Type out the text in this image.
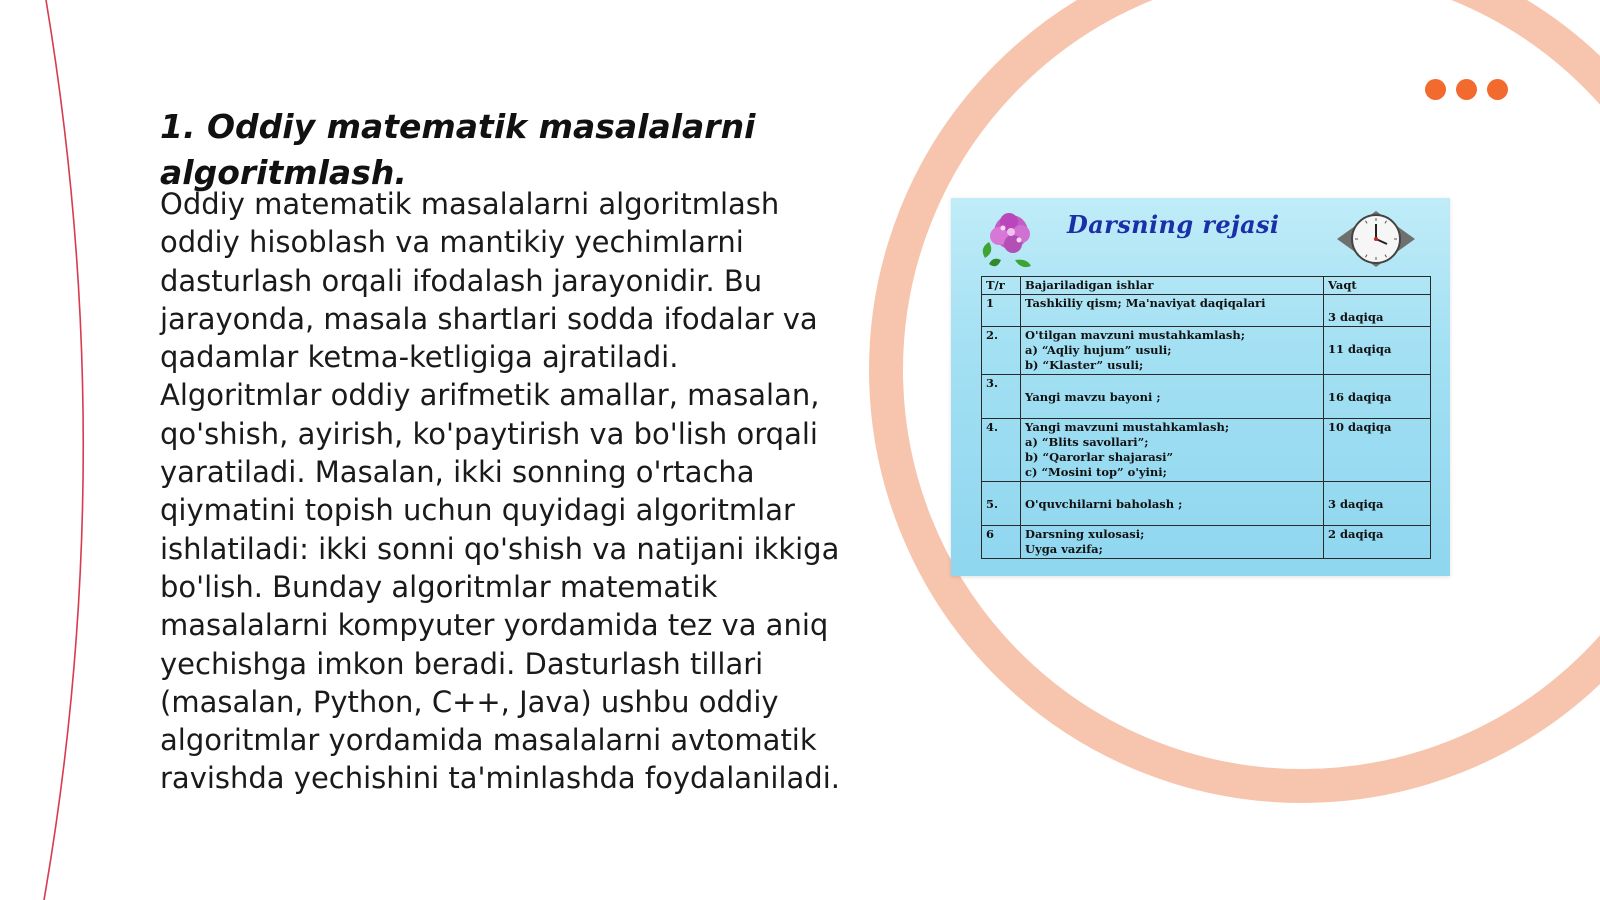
1. Oddiy matematik masalalarni algoritmlash.

Oddiy matematik masalalarni algoritmlash oddiy hisoblash va mantikiy yechimlarni dasturlash orqali ifodalash jarayonidir. Bu jarayonda, masala shartlari sodda ifodalar va qadamlar ketma-ketligiga ajratiladi. Algoritmlar oddiy arifmetik amallar, masalan, qo'shish, ayirish, ko'paytirish va bo'lish orqali yaratiladi. Masalan, ikki sonning o'rtacha qiymatini topish uchun quyidagi algoritmlar ishlatiladi: ikki sonni qo'shish va natijani ikkiga bo'lish. Bunday algoritmlar matematik masalalarni kompyuter yordamida tez va aniq yechishga imkon beradi. Dasturlash tillari (masalan, Python, C++, Java) ushbu oddiy algoritmlar yordamida masalalarni avtomatik ravishda yechishini ta'minlashda foydalaniladi.

Darsning rejasi
T/r	Bajariladigan ishlar	Vaqt
1	Tashkiliy qism; Ma'naviyat daqiqalari	3 daqiqa

2.	O'tilgan mavzuni mustahkamlash;
a) “Aqliy hujum” usuli;
b) “Klaster” usuli;	11 daqiqa

3.	Yangi mavzu bayoni ;	16 daqiqa

4.	Yangi mavzuni mustahkamlash;
a) “Blits savollari”;
b) “Qarorlar shajarasi”
c) “Mosini top” o'yini;	10 daqiqa
5.	O'quvchilarni baholash ;	3 daqiqa

6	Darsning xulosasi;
Uyga vazifa;	2 daqiqa
